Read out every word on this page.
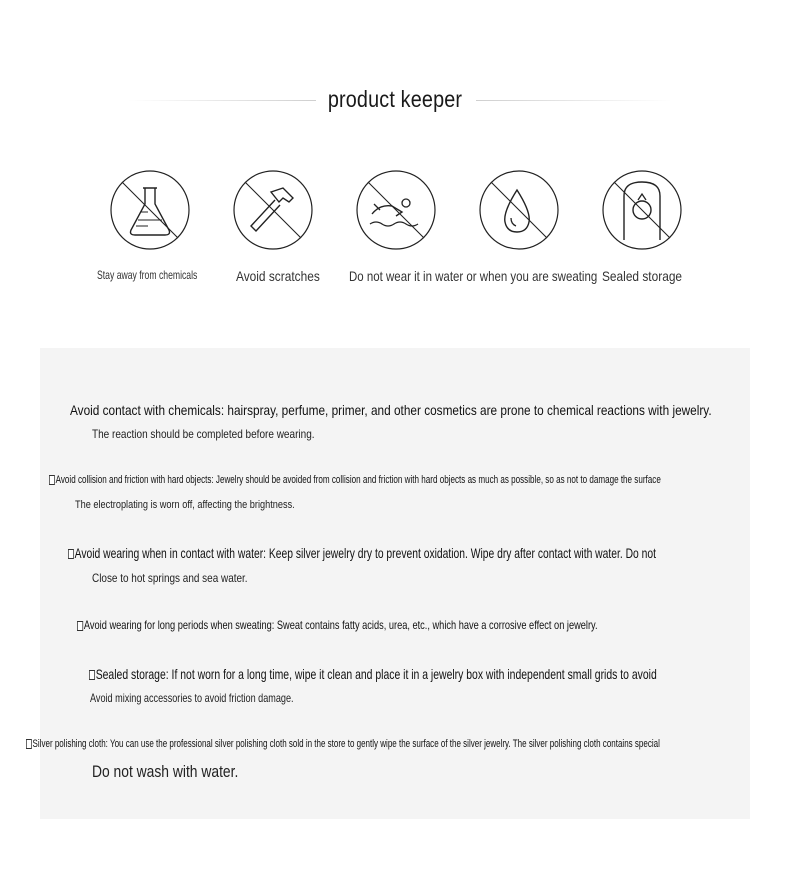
product keeper
Stay away from chemicals	Avoid scratches Do not wear it in water or when you are sweating Sealed storage
Avoid contact with chemicals: hairspray, perfume, primer, and other cosmetics are prone to chemical reactions with jewelry.
The reaction should be completed before wearing.
Avoid collision and friction with hard objects: Jewelry should be avoided from collision and friction with hard objects as much as possible, so as not to damage the surface
The electroplating is worn off, affecting the brightness.
Avoid wearing when in contact with water: Keep silver jewelry dry to prevent oxidation. Wipe dry after contact with water. Do not
Close to hot springs and sea water.
Avoid wearing for long periods when sweating: Sweat contains fatty acids, urea, etc., which have a corrosive effect on jewelry.
Sealed storage: If not worn for a long time, wipe it clean and place it in a jewelry box with independent small grids to avoid
Avoid mixing accessories to avoid friction damage.
Silver polishing cloth: You can use the professional silver polishing cloth sold in the store to gently wipe the surface of the silver jewelry. The silver polishing cloth contains special
Do not wash with water.
